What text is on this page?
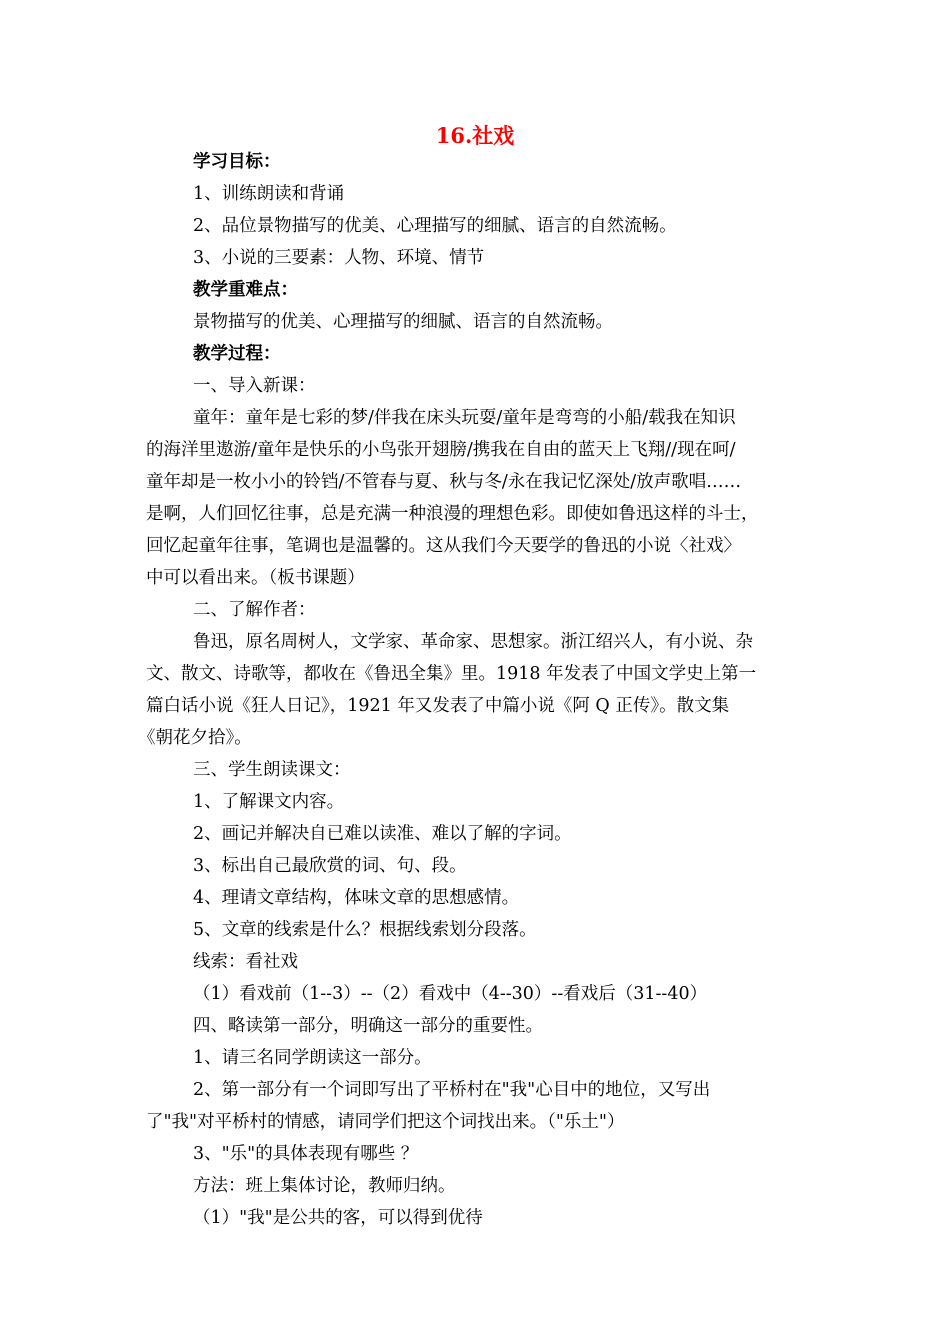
16.社戏
学习目标：
1、训练朗读和背诵
2、品位景物描写的优美、心理描写的细腻、语言的自然流畅。
3、小说的三要素：人物、环境、情节
教学重难点：
景物描写的优美、心理描写的细腻、语言的自然流畅。
教学过程：
一、导入新课：
童年：童年是七彩的梦/伴我在床头玩耍/童年是弯弯的小船/载我在知识
的海洋里遨游/童年是快乐的小鸟张开翅膀/携我在自由的蓝天上飞翔//现在呵/
童年却是一枚小小的铃铛/不管春与夏、秋与冬/永在我记忆深处/放声歌唱……
是啊，人们回忆往事，总是充满一种浪漫的理想色彩。即使如鲁迅这样的斗士，
回忆起童年往事，笔调也是温馨的。这从我们今天要学的鲁迅的小说〈社戏〉
中可以看出来。（板书课题）
二、了解作者：
鲁迅，原名周树人，文学家、革命家、思想家。浙江绍兴人，有小说、杂
文、散文、诗歌等，都收在《鲁迅全集》里。1918 年发表了中国文学史上第一
篇白话小说《狂人日记》，1921 年又发表了中篇小说《阿 Q 正传》。散文集
《朝花夕拾》。
三、学生朗读课文：
1、了解课文内容。
2、画记并解决自已难以读准、难以了解的字词。
3、标出自己最欣赏的词、句、段。
4、理请文章结构，体味文章的思想感情。
5、文章的线索是什么？根据线索划分段落。
线索：看社戏
（1）看戏前（1--3）--（2）看戏中（4--30）--看戏后（31--40）
四、略读第一部分，明确这一部分的重要性。
1、请三名同学朗读这一部分。
2、第一部分有一个词即写出了平桥村在"我"心目中的地位，又写出
了"我"对平桥村的情感，请同学们把这个词找出来。（"乐土"）
3、"乐"的具体表现有哪些 ？
方法：班上集体讨论，教师归纳。
（1）"我"是公共的客，可以得到优待
